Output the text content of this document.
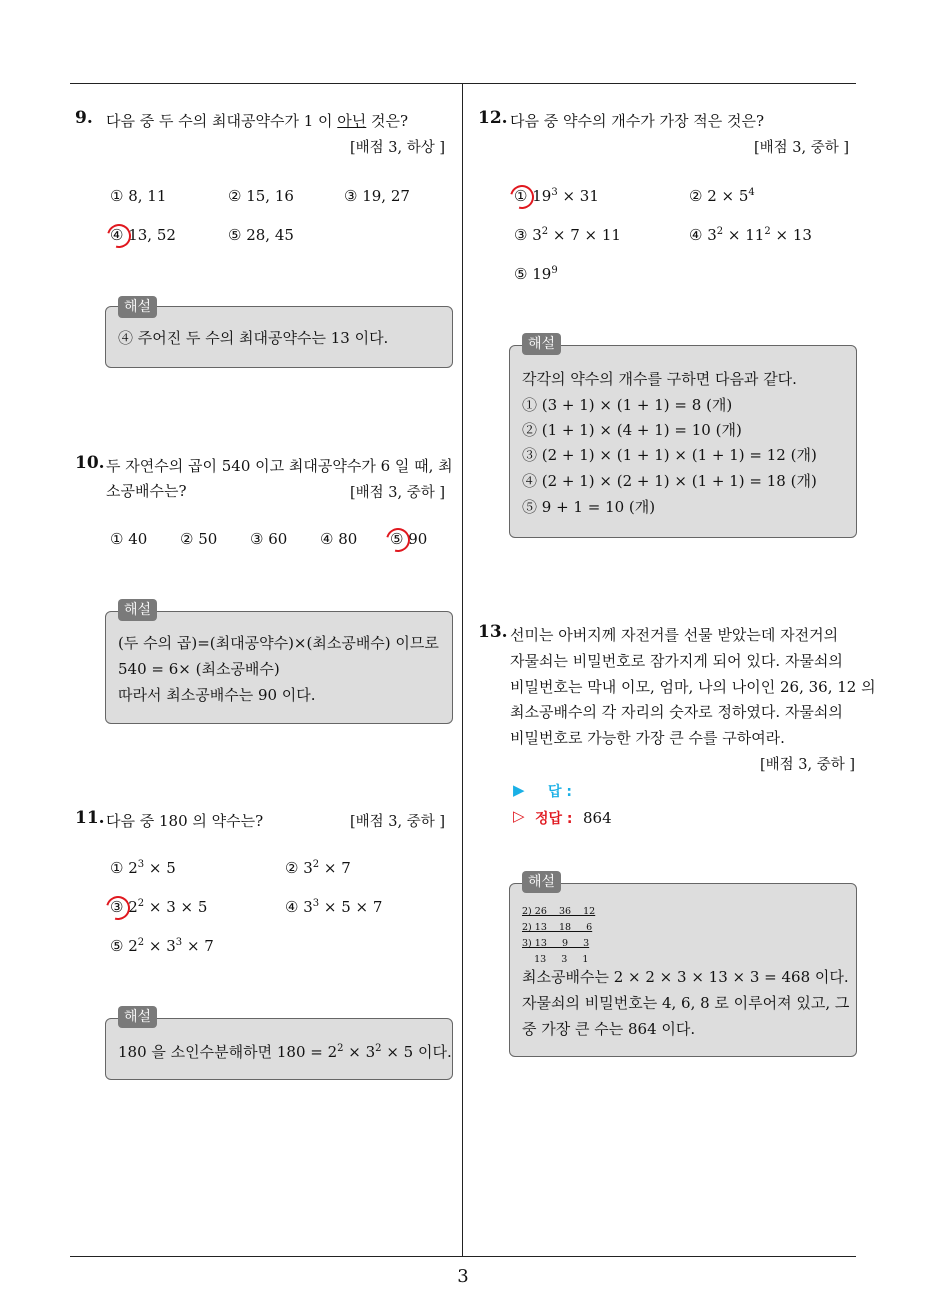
9. 다음 중 두 수의 최대공약수가 1 이 아닌 것은?
[배점 3, 하상 ]
① 8, 11	② 15, 16	③ 19, 27
④ 13, 52	⑤ 28, 45
④ 주어진 두 수의 최대공약수는 13 이다.
해설
10. 두 자연수의 곱이 540 이고 최대공약수가 6 일 때, 최
소공배수는?	[배점 3, 중하 ]
① 40 ② 50 ③ 60 ④ 80 ⑤ 90
(두 수의 곱)=(최대공약수)×(최소공배수) 이므로
540 = 6× (최소공배수)
따라서 최소공배수는 90 이다.
해설
11. 다음 중 180 의 약수는?	[배점 3, 중하 ]
① $2^3 \times 5$	② $3^2 \times 7$
③ $2^2 \times 3 \times 5$	④ $3^3 \times 5 \times 7$
⑤ $2^2 \times 3^3 \times 7$
180 을 소인수분해하면 $180 = 2^2 \times 3^2 \times 5$ 이다.
해설
12. 다음 중 약수의 개수가 가장 적은 것은?
[배점 3, 중하 ]
① $19^3 \times 31$	② $2 \times 5^4$
③ $3^2 \times 7 \times 11$	④ $3^2 \times 11^2 \times 13$
⑤ $19^9$
각각의 약수의 개수를 구하면 다음과 같다.
① (3 + 1) × (1 + 1) = 8 (개)
② (1 + 1) × (4 + 1) = 10 (개)
③ (2 + 1) × (1 + 1) × (1 + 1) = 12 (개)
④ (2 + 1) × (2 + 1) × (1 + 1) = 18 (개)
⑤ 9 + 1 = 10 (개)
해설
13. 선미는 아버지께 자전거를 선물 받았는데 자전거의
자물쇠는 비밀번호로 잠가지게 되어 있다. 자물쇠의
비밀번호는 막내 이모, 엄마, 나의 나이인 26, 36, 12 의
최소공배수의 각 자리의 숫자로 정하였다. 자물쇠의
비밀번호로 가능한 가장 큰 수를 구하여라.
[배점 3, 중하 ]
▶ 답 :
▷ 정답 : 864
2) 26    36    12
2) 13    18     6
3) 13     9     3
13     3     1
최소공배수는 2 × 2 × 3 × 13 × 3 = 468 이다.
자물쇠의 비밀번호는 4, 6, 8 로 이루어져 있고, 그
중 가장 큰 수는 864 이다.
해설
3
